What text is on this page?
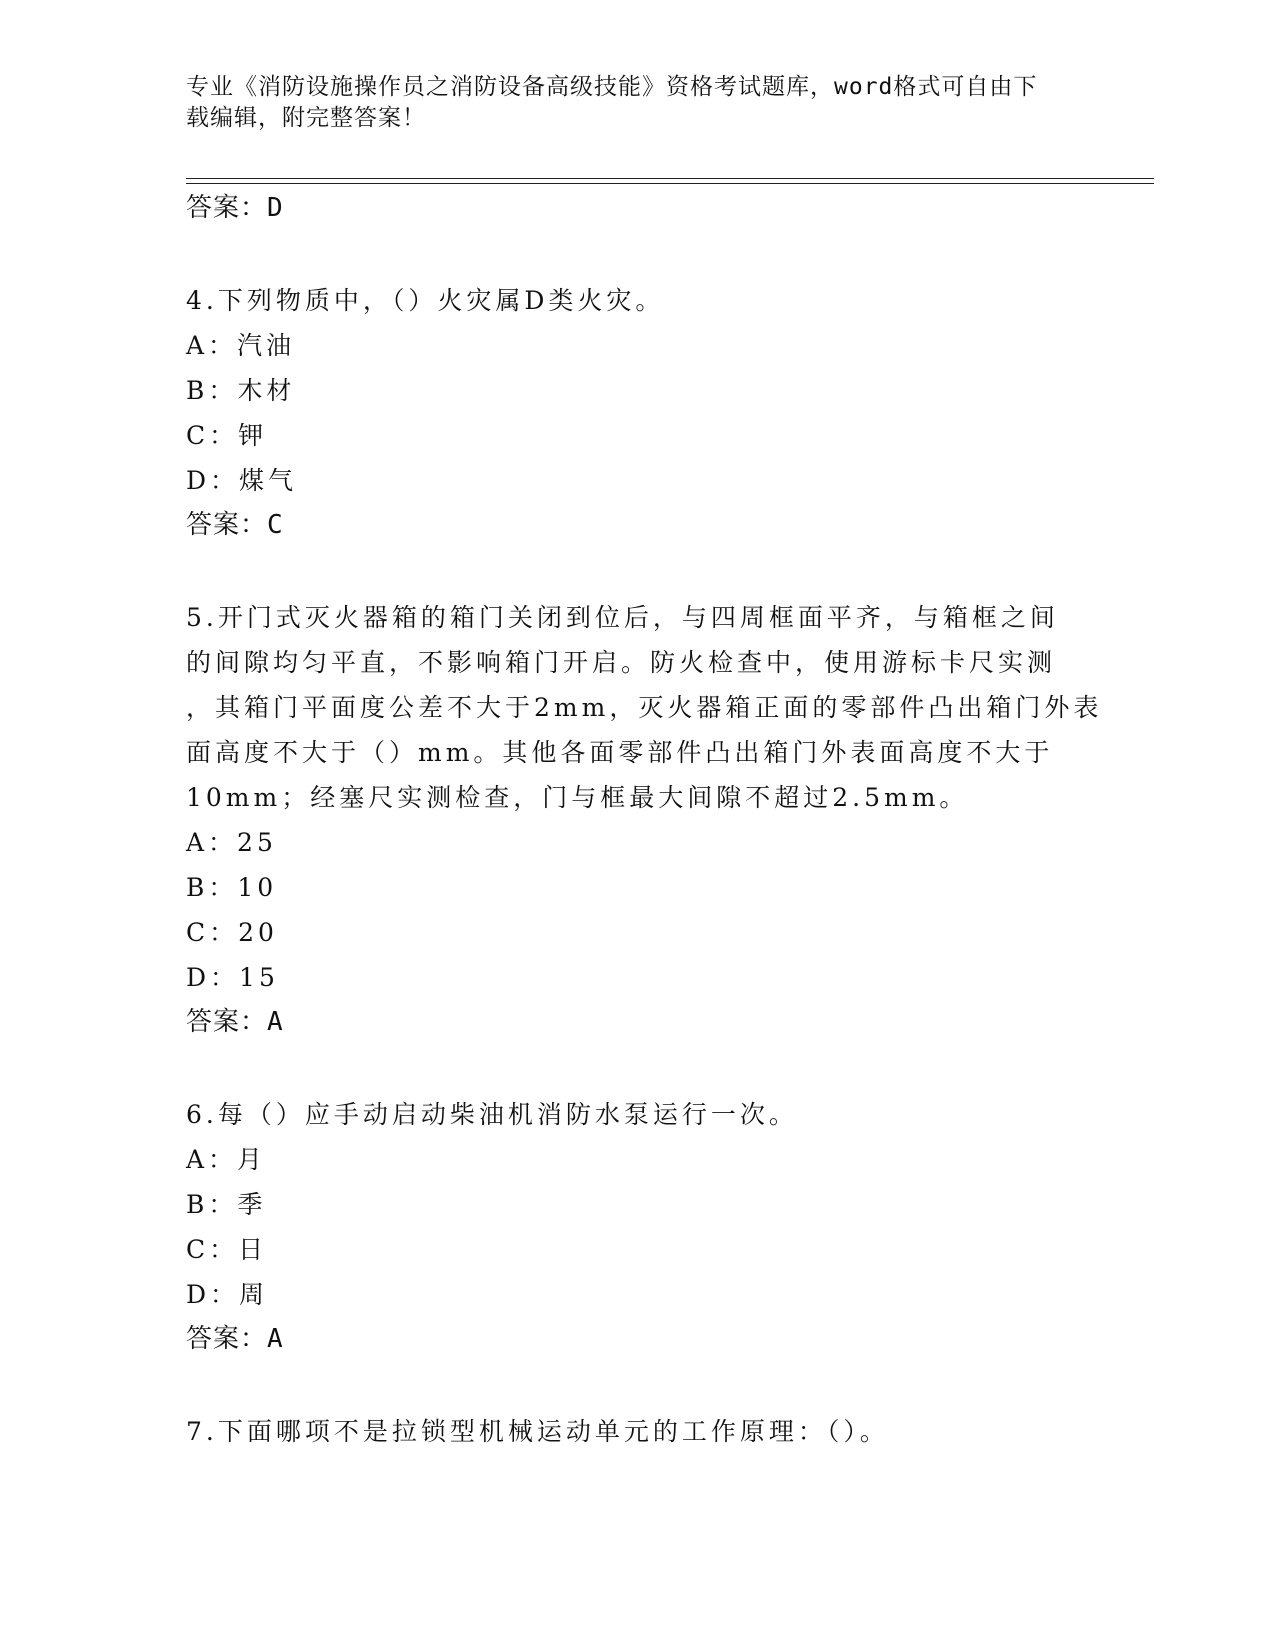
专业《消防设施操作员之消防设备高级技能》资格考试题库，word格式可自由下
载编辑，附完整答案！
答案：D
4.下列物质中，（）火灾属D类火灾。
A：汽油
B：木材
C：钾
D：煤气
答案：C
5.开门式灭火器箱的箱门关闭到位后，与四周框面平齐，与箱框之间
的间隙均匀平直，不影响箱门开启。防火检查中，使用游标卡尺实测
，其箱门平面度公差不大于2mm，灭火器箱正面的零部件凸出箱门外表
面高度不大于（）mm。其他各面零部件凸出箱门外表面高度不大于
10mm；经塞尺实测检查，门与框最大间隙不超过2.5mm。
A：25
B：10
C：20
D：15
答案：A
6.每（）应手动启动柴油机消防水泵运行一次。
A：月
B：季
C：日
D：周
答案：A
7.下面哪项不是拉锁型机械运动单元的工作原理：（）。
